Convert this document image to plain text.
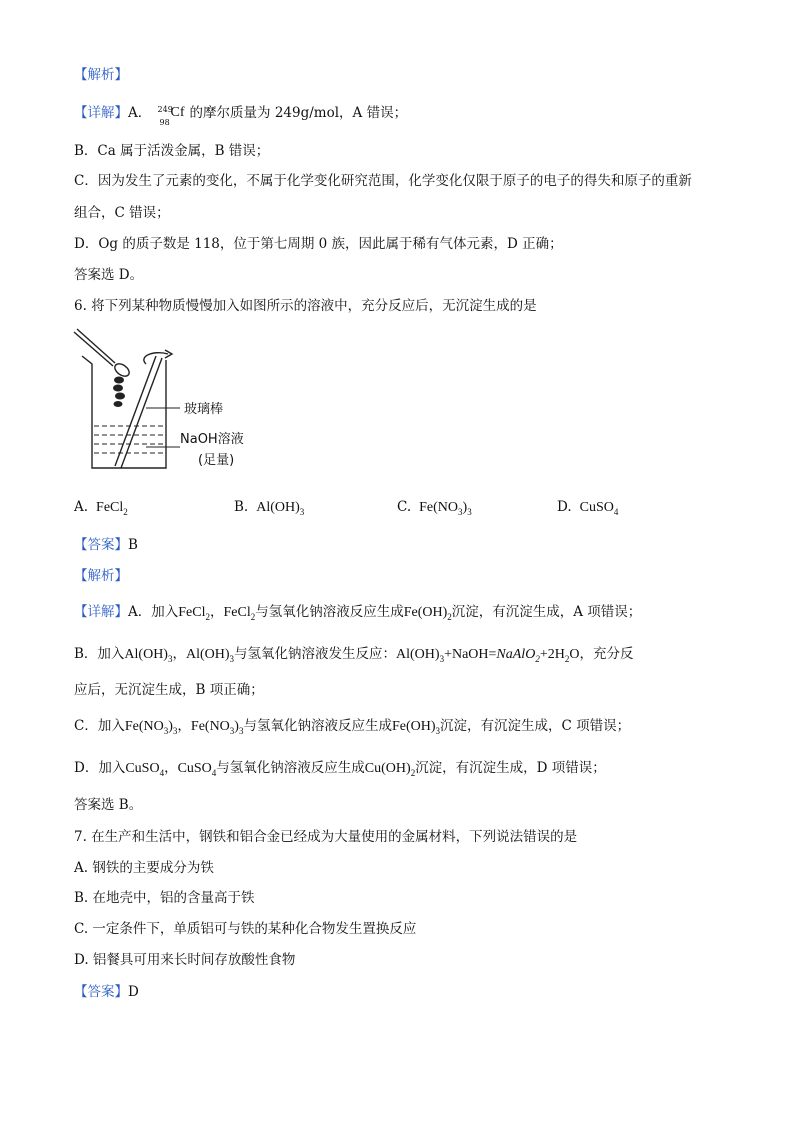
【解析】
【详解】A． 249
98
Cf 的摩尔质量为 249g/mol，A 错误；
B．Ca 属于活泼金属，B 错误；
C．因为发生了元素的变化，不属于化学变化研究范围，化学变化仅限于原子的电子的得失和原子的重新
组合，C 错误；
D．Og 的质子数是 118，位于第七周期 0 族，因此属于稀有气体元素，D 正确；
答案选 D。
6. 将下列某种物质慢慢加入如图所示的溶液中，充分反应后，无沉淀生成的是
玻璃棒
NaOH溶液
(足量)
A. FeCl$_2$	B. $Al(OH)_3$	C. $Fe(NO_3)_3$	D. CuSO$_4$
【答案】B
【解析】
【详解】A．加入FeCl$_2$，FeCl$_2$与氢氧化钠溶液反应生成$Fe(OH)_2$沉淀，有沉淀生成，A 项错误；
B．加入$Al(OH)_3$，$Al(OH)_3$与氢氧化钠溶液发生反应：$Al(OH)_3+NaOH=NaAlO_2+2H_2O$，充分反
应后，无沉淀生成，B 项正确；
C．加入$Fe(NO_3)_3$，$Fe(NO_3)_3$与氢氧化钠溶液反应生成$Fe(OH)_3$沉淀，有沉淀生成，C 项错误；
D．加入CuSO$_4$，CuSO$_4$与氢氧化钠溶液反应生成$Cu(OH)_2$沉淀，有沉淀生成，D 项错误；
答案选 B。
7. 在生产和生活中，钢铁和铝合金已经成为大量使用的金属材料，下列说法错误的是
A. 钢铁的主要成分为铁
B. 在地壳中，铝的含量高于铁
C. 一定条件下，单质铝可与铁的某种化合物发生置换反应
D. 铝餐具可用来长时间存放酸性食物
【答案】D
